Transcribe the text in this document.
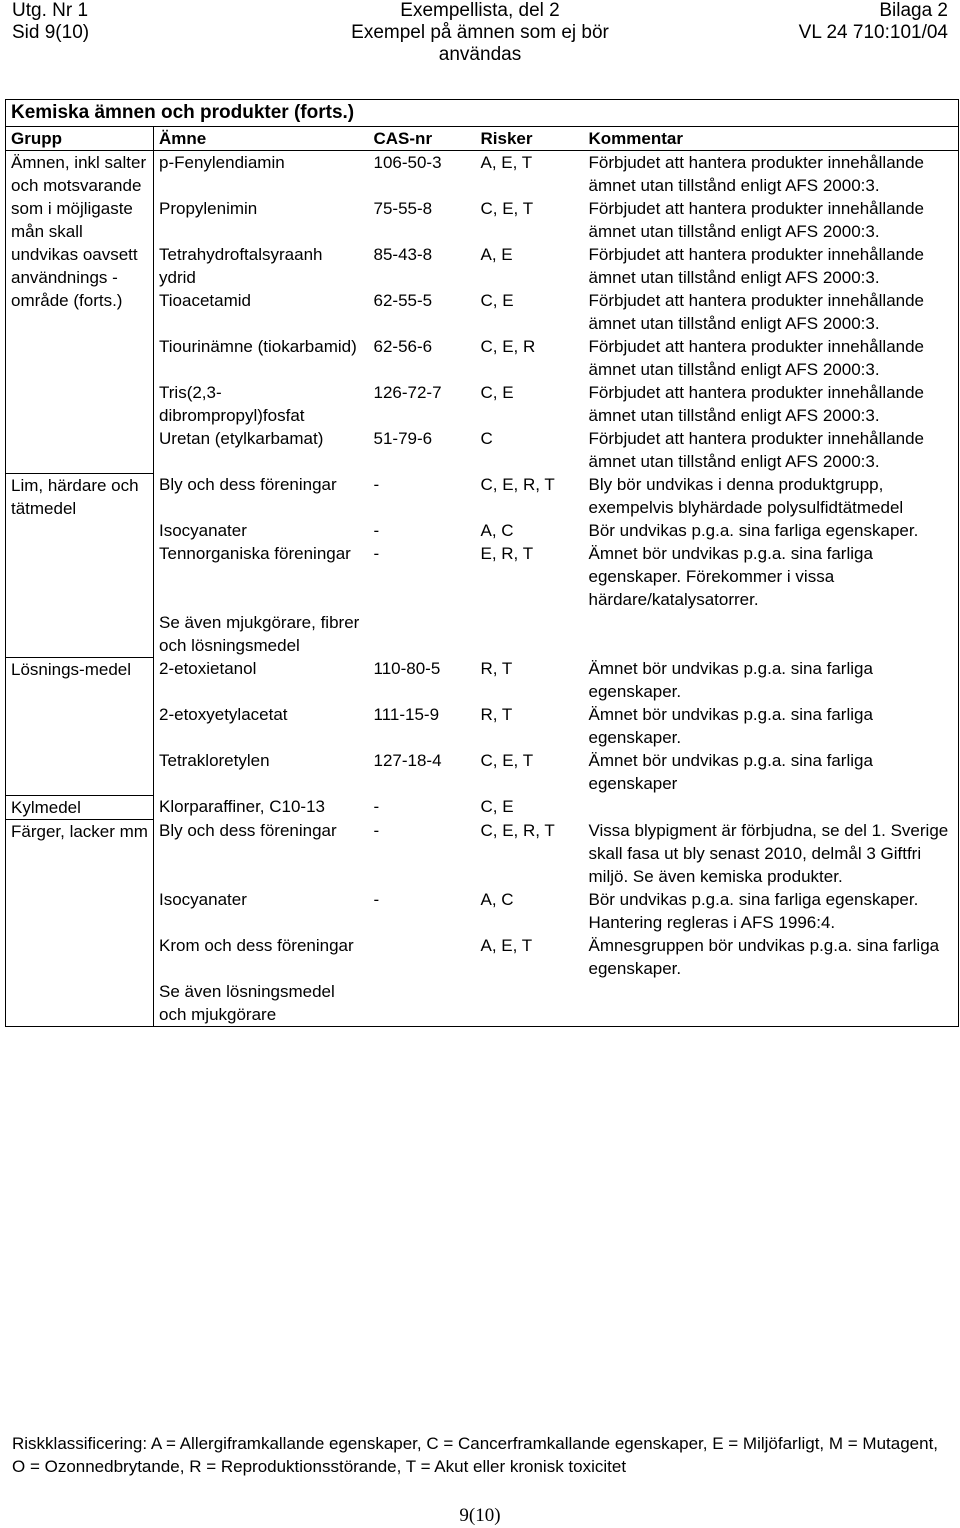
Utg. Nr 1	Exempellista, del 2	Bilaga 2
Sid 9(10)	Exempel på ämnen som ej bör användas
VL 24 710:101/04
Kemiska ämnen och produkter (forts.)				
Grupp	Ämne	CAS-nr	Risker	Kommentar
Ämnen, inkl salter och motsvarande som i möjligaste mån skall undvikas oavsett användnings -område (forts.)	p-Fenylendiamin	106-50-3	A, E, T	Förbjudet att hantera produkter innehållande ämnet utan tillstånd enligt AFS 2000:3.
	Propylenimin	75-55-8	C, E, T	Förbjudet att hantera produkter innehållande ämnet utan tillstånd enligt AFS 2000:3.
	Tetrahydroftalsyraanh ydrid	85-43-8	A, E	Förbjudet att hantera produkter innehållande ämnet utan tillstånd enligt AFS 2000:3.
	Tioacetamid	62-55-5	C, E	Förbjudet att hantera produkter innehållande ämnet utan tillstånd enligt AFS 2000:3.
	Tiourinämne (tiokarbamid)	62-56-6	C, E, R	Förbjudet att hantera produkter innehållande ämnet utan tillstånd enligt AFS 2000:3.
	Tris(2,3-dibrompropyl)fosfat	126-72-7	C, E	Förbjudet att hantera produkter innehållande ämnet utan tillstånd enligt AFS 2000:3.
	Uretan (etylkarbamat)	51-79-6	C	Förbjudet att hantera produkter innehållande ämnet utan tillstånd enligt AFS 2000:3.
Lim, härdare och tätmedel	Bly och dess föreningar	-	C, E, R, T	Bly bör undvikas i denna produktgrupp, exempelvis blyhärdade polysulfidtätmedel
	Isocyanater	-	A, C	Bör undvikas p.g.a. sina farliga egenskaper.
	Tennorganiska föreningar	-	E, R, T	Ämnet bör undvikas p.g.a. sina farliga egenskaper. Förekommer i vissa härdare/katalysatorrer.
	Se även mjukgörare, fibrer och lösningsmedel			
Lösnings-medel	2-etoxietanol	110-80-5	R, T	Ämnet bör undvikas p.g.a. sina farliga egenskaper.
	2-etoxyetylacetat	111-15-9	R, T	Ämnet bör undvikas p.g.a. sina farliga egenskaper.
	Tetrakloretylen	127-18-4	C, E, T	Ämnet bör undvikas p.g.a. sina farliga egenskaper
Kylmedel	Klorparaffiner, C10-13	-	C, E	
Färger, lacker mm	Bly och dess föreningar	-	C, E, R, T	Vissa blypigment är förbjudna, se del 1. Sverige skall fasa ut bly senast 2010, delmål 3 Giftfri miljö. Se även kemiska produkter.
	Isocyanater	-	A, C	Bör undvikas p.g.a. sina farliga egenskaper. Hantering regleras i AFS 1996:4.
	Krom och dess föreningar		A, E, T	Ämnesgruppen bör undvikas p.g.a. sina farliga egenskaper.
	Se även lösningsmedel och mjukgörare			
Riskklassificering: A = Allergiframkallande egenskaper, C = Cancerframkallande egenskaper, E = Miljöfarligt, M = Mutagent, O = Ozonnedbrytande, R = Reproduktionsstörande, T = Akut eller kronisk toxicitet
9(10)
